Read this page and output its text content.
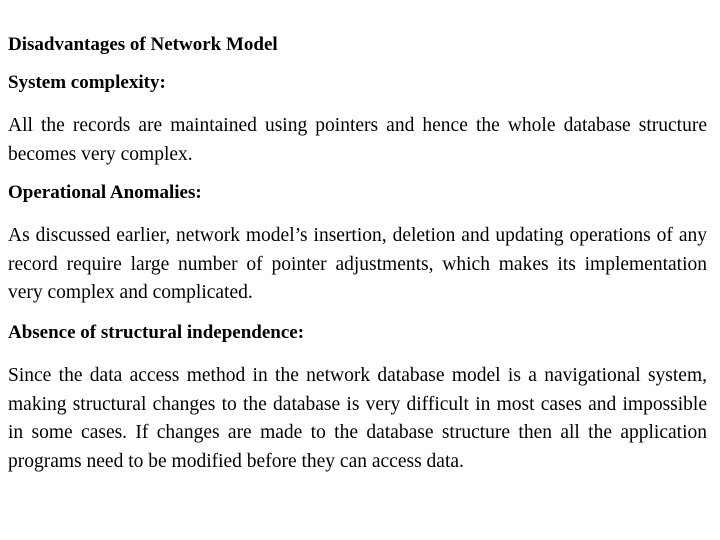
Disadvantages of Network Model
System complexity:
All the records are maintained using pointers and hence the whole database structure becomes very complex.
Operational Anomalies:
As discussed earlier, network model’s insertion, deletion and updating operations of any record require large number of pointer adjustments, which makes its implementation very complex and complicated.
Absence of structural independence:
Since the data access method in the network database model is a navigational system, making structural changes to the database is very difficult in most cases and impossible in some cases. If changes are made to the database structure then all the application programs need to be modified before they can access data.
